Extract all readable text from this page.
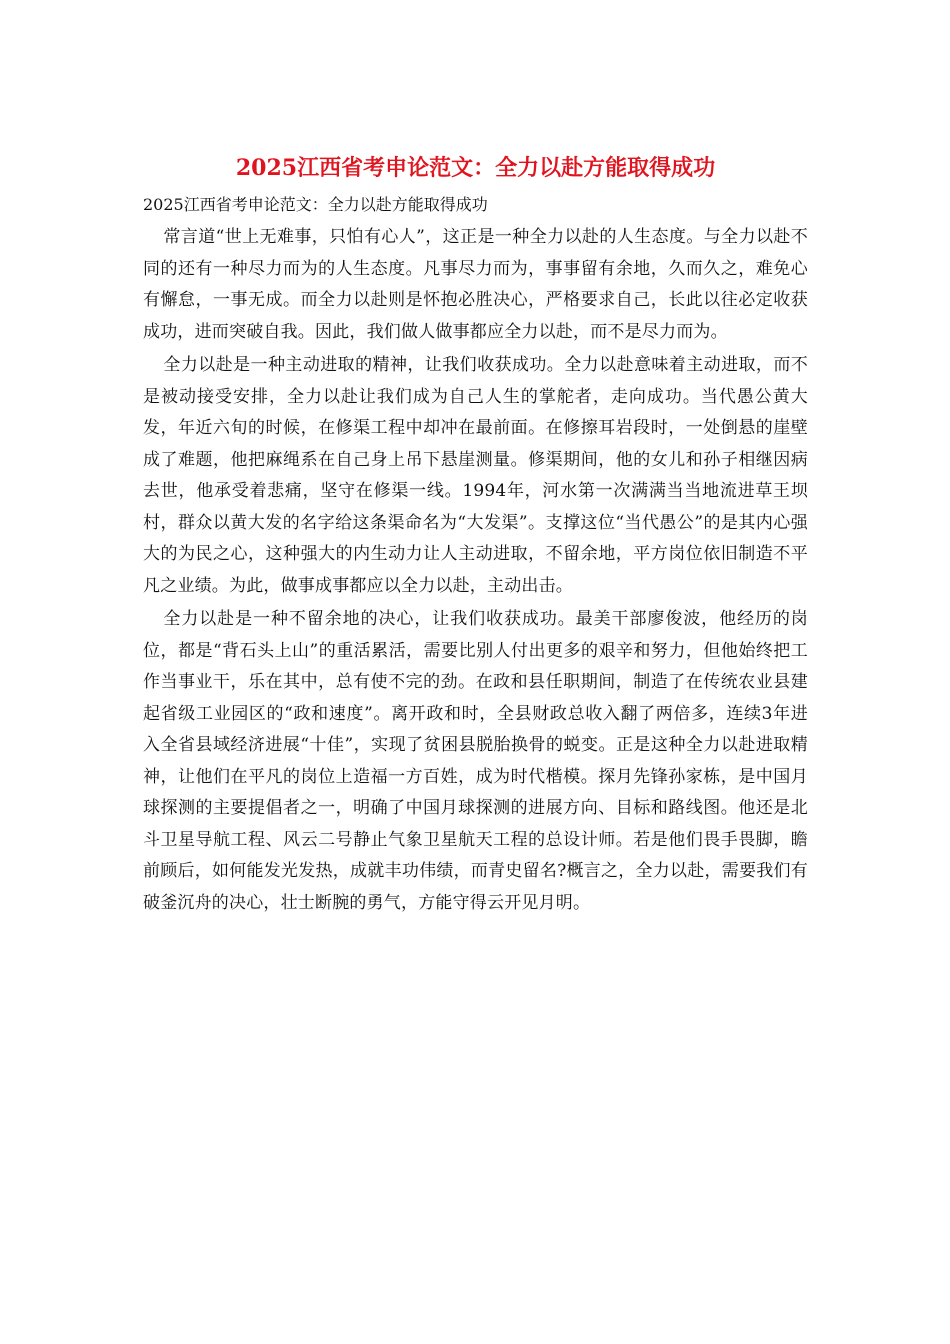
2025江西省考申论范文：全力以赴方能取得成功
2025江西省考申论范文：全力以赴方能取得成功

常言道“世上无难事，只怕有心人”，这正是一种全力以赴的人生态度。与全力以赴不同的还有一种尽力而为的人生态度。凡事尽力而为，事事留有余地，久而久之，难免心有懈怠，一事无成。而全力以赴则是怀抱必胜决心，严格要求自己，长此以往必定收获成功，进而突破自我。因此，我们做人做事都应全力以赴，而不是尽力而为。

全力以赴是一种主动进取的精神，让我们收获成功。全力以赴意味着主动进取，而不是被动接受安排，全力以赴让我们成为自己人生的掌舵者，走向成功。当代愚公黄大发，年近六旬的时候，在修渠工程中却冲在最前面。在修擦耳岩段时，一处倒悬的崖壁成了难题，他把麻绳系在自己身上吊下悬崖测量。修渠期间，他的女儿和孙子相继因病去世，他承受着悲痛，坚守在修渠一线。1994年，河水第一次满满当当地流进草王坝村，群众以黄大发的名字给这条渠命名为“大发渠”。支撑这位“当代愚公”的是其内心强大的为民之心，这种强大的内生动力让人主动进取，不留余地，平方岗位依旧制造不平凡之业绩。为此，做事成事都应以全力以赴，主动出击。

全力以赴是一种不留余地的决心，让我们收获成功。最美干部廖俊波，他经历的岗位，都是“背石头上山”的重活累活，需要比别人付出更多的艰辛和努力，但他始终把工作当事业干，乐在其中，总有使不完的劲。在政和县任职期间，制造了在传统农业县建起省级工业园区的“政和速度”。离开政和时，全县财政总收入翻了两倍多，连续3年进入全省县域经济进展“十佳”，实现了贫困县脱胎换骨的蜕变。正是这种全力以赴进取精神，让他们在平凡的岗位上造福一方百姓，成为时代楷模。探月先锋孙家栋，是中国月球探测的主要提倡者之一，明确了中国月球探测的进展方向、目标和路线图。他还是北斗卫星导航工程、风云二号静止气象卫星航天工程的总设计师。若是他们畏手畏脚，瞻前顾后，如何能发光发热，成就丰功伟绩，而青史留名?概言之，全力以赴，需要我们有破釜沉舟的决心，壮士断腕的勇气，方能守得云开见月明。
